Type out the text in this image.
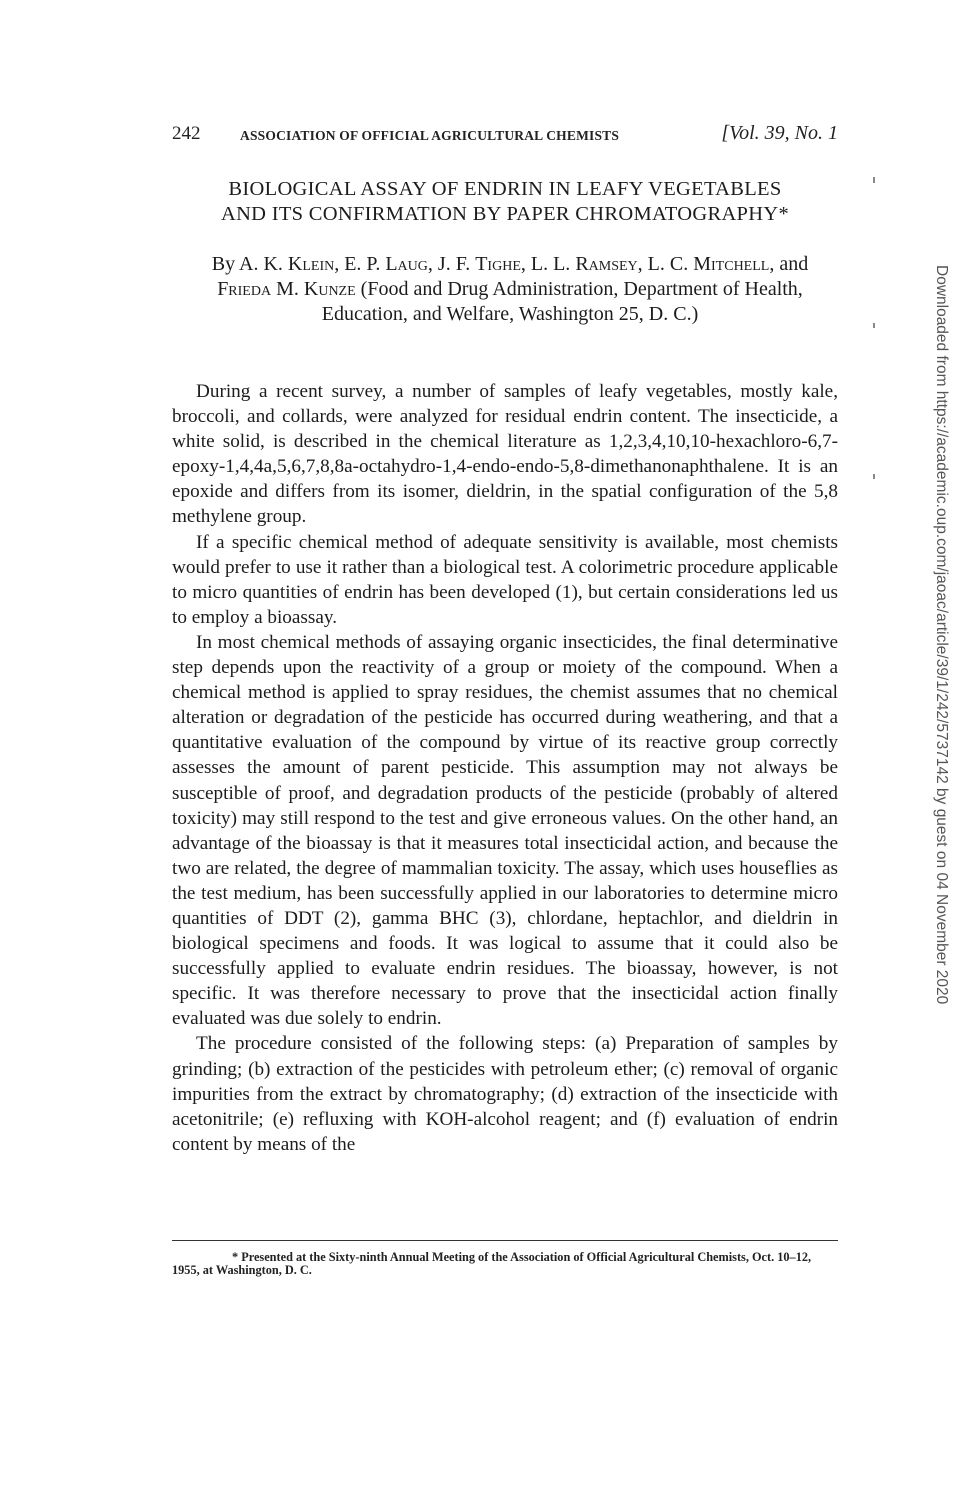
242	ASSOCIATION OF OFFICIAL AGRICULTURAL CHEMISTS	[Vol. 39, No. 1
BIOLOGICAL ASSAY OF ENDRIN IN LEAFY VEGETABLES
AND ITS CONFIRMATION BY PAPER CHROMATOGRAPHY*
By A. K. Klein, E. P. Laug, J. F. Tighe, L. L. Ramsey, L. C. Mitchell, and Frieda M. Kunze (Food and Drug Administration, Department of Health, Education, and Welfare, Washington 25, D. C.)

During a recent survey, a number of samples of leafy vegetables, mostly kale, broccoli, and collards, were analyzed for residual endrin content. The insecticide, a white solid, is described in the chemical literature as 1,2,3,4,10,10-hexachloro-6,7-epoxy-1,4,4a,5,6,7,8,8a-octahydro-1,4-endo-endo-5,8-dimethanonaphthalene. It is an epoxide and differs from its isomer, dieldrin, in the spatial configuration of the 5,8 methylene group.

If a specific chemical method of adequate sensitivity is available, most chemists would prefer to use it rather than a biological test. A colorimetric procedure applicable to micro quantities of endrin has been developed (1), but certain considerations led us to employ a bioassay.

In most chemical methods of assaying organic insecticides, the final determinative step depends upon the reactivity of a group or moiety of the compound. When a chemical method is applied to spray residues, the chemist assumes that no chemical alteration or degradation of the pesticide has occurred during weathering, and that a quantitative evaluation of the compound by virtue of its reactive group correctly assesses the amount of parent pesticide. This assumption may not always be susceptible of proof, and degradation products of the pesticide (probably of altered toxicity) may still respond to the test and give erroneous values. On the other hand, an advantage of the bioassay is that it measures total insecticidal action, and because the two are related, the degree of mammalian toxicity. The assay, which uses houseflies as the test medium, has been successfully applied in our laboratories to determine micro quantities of DDT (2), gamma BHC (3), chlordane, heptachlor, and dieldrin in biological specimens and foods. It was logical to assume that it could also be successfully applied to evaluate endrin residues. The bioassay, however, is not specific. It was therefore necessary to prove that the insecticidal action finally evaluated was due solely to endrin.

The procedure consisted of the following steps: (a) Preparation of samples by grinding; (b) extraction of the pesticides with petroleum ether; (c) removal of organic impurities from the extract by chromatography; (d) extraction of the insecticide with acetonitrile; (e) refluxing with KOH-alcohol reagent; and (f) evaluation of endrin content by means of the

* Presented at the Sixty-ninth Annual Meeting of the Association of Official Agricultural Chemists, Oct. 10–12, 1955, at Washington, D. C.
Downloaded from https://academic.oup.com/jaoac/article/39/1/242/5737142 by guest on 04 November 2020
